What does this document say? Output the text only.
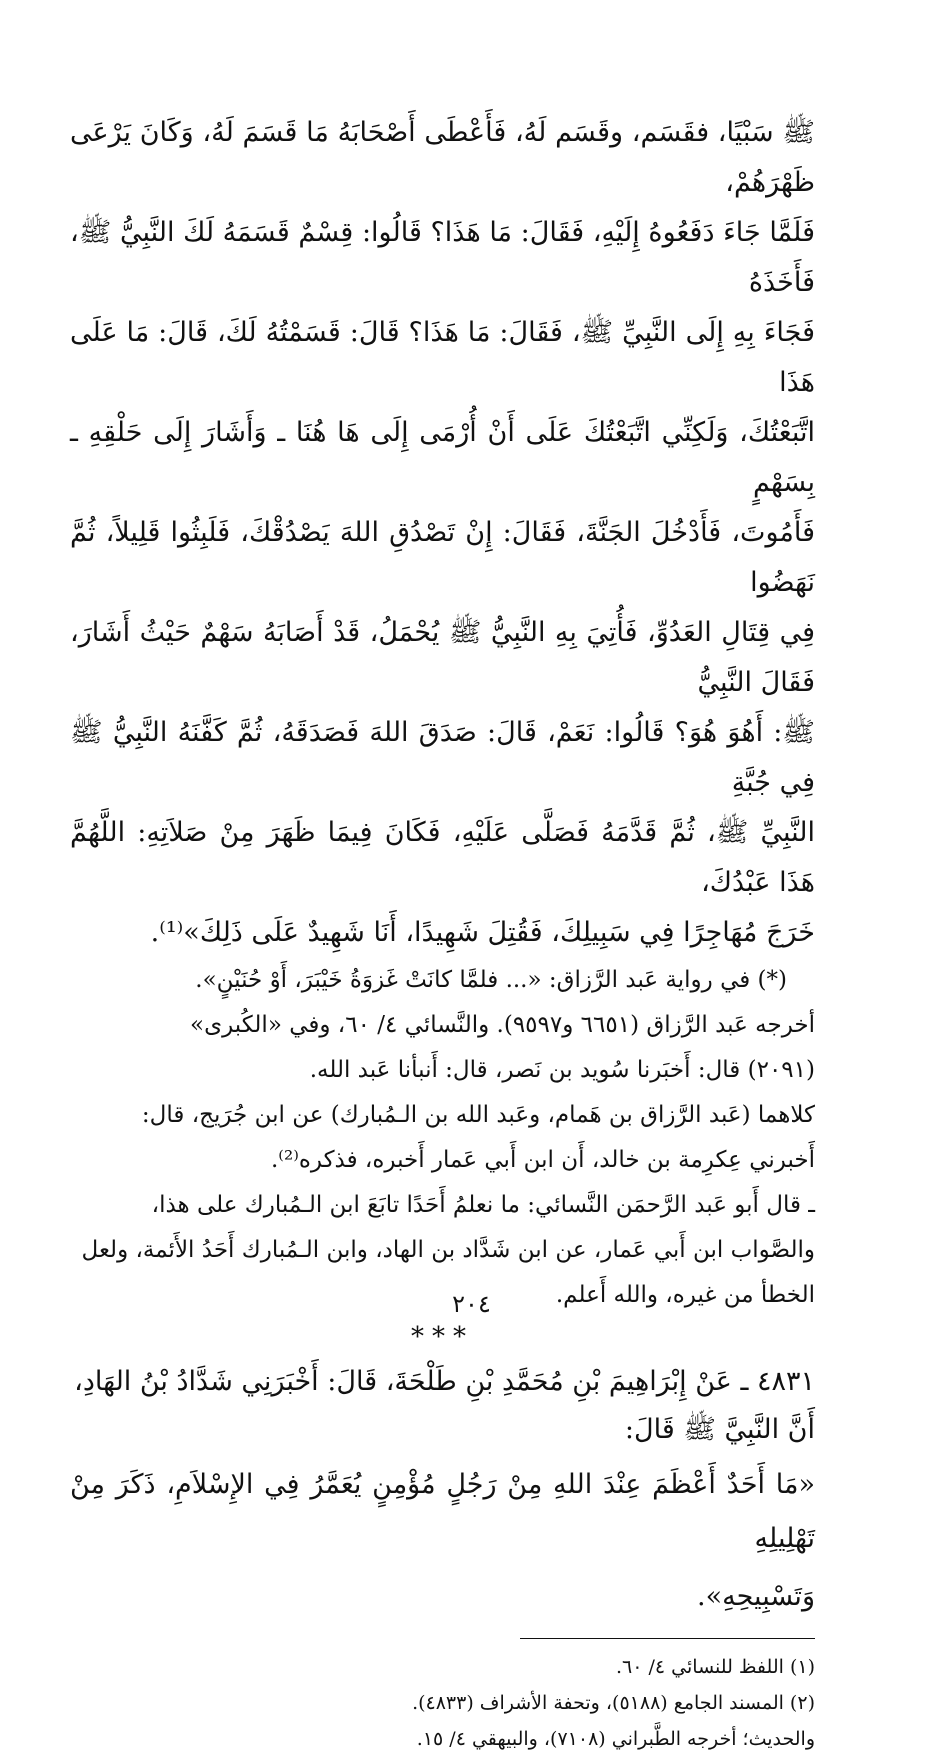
ﷺ سَبْيًا، فقَسَم، وقَسَم لَهُ، فَأَعْطَى أَصْحَابَهُ مَا قَسَمَ لَهُ، وَكَانَ يَرْعَى ظَهْرَهُمْ،

فَلَمَّا جَاءَ دَفَعُوهُ إِلَيْهِ، فَقَالَ: مَا هَذَا؟ قَالُوا: قِسْمٌ قَسَمَهُ لَكَ النَّبِيُّ ﷺ، فَأَخَذَهُ

فَجَاءَ بِهِ إِلَى النَّبِيِّ ﷺ، فَقَالَ: مَا هَذَا؟ قَالَ: قَسَمْتُهُ لَكَ، قَالَ: مَا عَلَى هَذَا

اتَّبَعْتُكَ، وَلَكِنِّي اتَّبَعْتُكَ عَلَى أَنْ أُرْمَى إِلَى هَا هُنَا ـ وَأَشَارَ إِلَى حَلْقِهِ ـ بِسَهْمٍ

فَأَمُوتَ، فَأَدْخُلَ الجَنَّةَ، فَقَالَ: إِنْ تَصْدُقِ اللهَ يَصْدُقْكَ، فَلَبِثُوا قَلِيلاً، ثُمَّ نَهَضُوا

فِي قِتَالِ العَدُوِّ، فَأُتِيَ بِهِ النَّبِيُّ ﷺ يُحْمَلُ، قَدْ أَصَابَهُ سَهْمٌ حَيْثُ أَشَارَ، فَقَالَ النَّبِيُّ

ﷺ: أَهُوَ هُوَ؟ قَالُوا: نَعَمْ، قَالَ: صَدَقَ اللهَ فَصَدَقَهُ، ثُمَّ كَفَّنَهُ النَّبِيُّ ﷺ فِي جُبَّةِ

النَّبِيِّ ﷺ، ثُمَّ قَدَّمَهُ فَصَلَّى عَلَيْهِ، فَكَانَ فِيمَا ظَهَرَ مِنْ صَلاَتِهِ: اللَّهُمَّ هَذَا عَبْدُكَ،

خَرَجَ مُهَاجِرًا فِي سَبِيلِكَ، فَقُتِلَ شَهِيدًا، أَنَا شَهِيدٌ عَلَى ذَلِكَ»⁽¹⁾.

(*) في رواية عَبد الرَّزاق: «... فلمَّا كانَتْ غَزوَةُ خَيْبَرَ، أَوْ حُنَيْنٍ».

أخرجه عَبد الرَّزاق (٦٦٥١ و٩٥٩٧). والنَّسائي ٤/ ٦٠، وفي «الكُبرى»

(٢٠٩١) قال: أَخبَرنا سُويد بن نَصر، قال: أَنبأنا عَبد الله.

كلاهما (عَبد الرَّزاق بن هَمام، وعَبد الله بن الـمُبارك) عن ابن جُرَيج، قال:

أَخبرني عِكرِمة بن خالد، أَن ابن أَبي عَمار أَخبره، فذكره⁽²⁾.

ـ قال أَبو عَبد الرَّحمَن النَّسائي: ما نعلمُ أَحَدًا تابَعَ ابن الـمُبارك على هذا،

والصَّواب ابن أَبي عَمار، عن ابن شَدَّاد بن الهاد، وابن الـمُبارك أَحَدُ الأَئمة، ولعل

الخطأ من غيره، والله أَعلم.

***

٤٨٣١ ـ عَنْ إِبْرَاهِيمَ بْنِ مُحَمَّدِ بْنِ طَلْحَةَ، قَالَ: أَخْبَرَنِي شَدَّادُ بْنُ الهَادِ،

أَنَّ النَّبِيَّ ﷺ قَالَ:

«مَا أَحَدٌ أَعْظَمَ عِنْدَ اللهِ مِنْ رَجُلٍ مُؤْمِنٍ يُعَمَّرُ فِي الإِسْلاَمِ، ذَكَرَ مِنْ تَهْلِيلِهِ

وَتَسْبِيحِهِ».

(١) اللفظ للنسائي ٤/ ٦٠.

(٢) المسند الجامع (٥١٨٨)، وتحفة الأشراف (٤٨٣٣).

والحديث؛ أخرجه الطَّبراني (٧١٠٨)، والبيهقي ٤/ ١٥.

٢٠٤
